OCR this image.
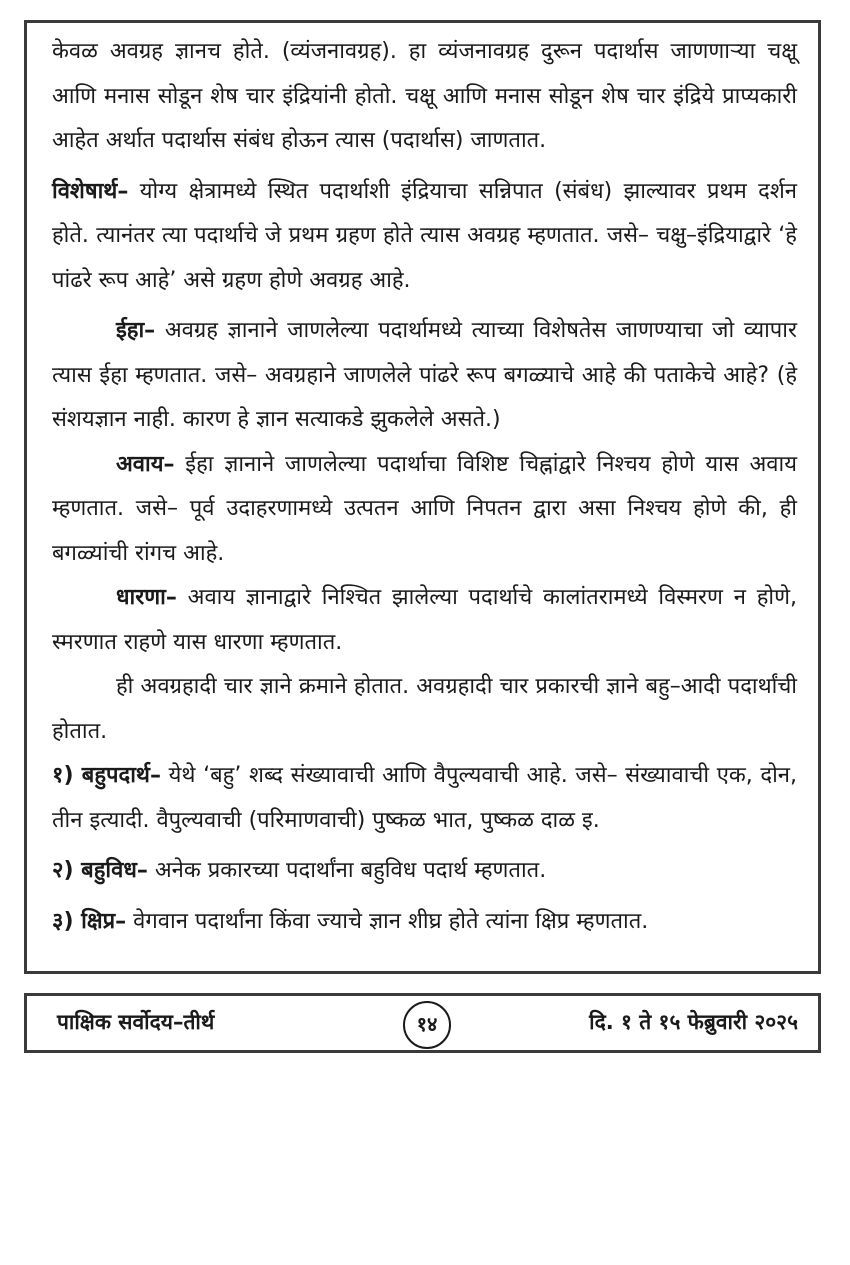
केवळ अवग्रह ज्ञानच होते. (व्यंजनावग्रह). हा व्यंजनावग्रह दुरून पदार्थास जाणणाऱ्या चक्षू आणि मनास सोडून शेष चार इंद्रियांनी होतो. चक्षू आणि मनास सोडून शेष चार इंद्रिये प्राप्यकारी आहेत अर्थात पदार्थास संबंध होऊन त्यास (पदार्थास) जाणतात.

विशेषार्थ– योग्य क्षेत्रामध्ये स्थित पदार्थाशी इंद्रियाचा सन्निपात (संबंध) झाल्यावर प्रथम दर्शन होते. त्यानंतर त्या पदार्थाचे जे प्रथम ग्रहण होते त्यास अवग्रह म्हणतात. जसे– चक्षु–इंद्रियाद्वारे ‘हे पांढरे रूप आहे’ असे ग्रहण होणे अवग्रह आहे.

ईहा– अवग्रह ज्ञानाने जाणलेल्या पदार्थामध्ये त्याच्या विशेषतेस जाणण्याचा जो व्यापार त्यास ईहा म्हणतात. जसे– अवग्रहाने जाणलेले पांढरे रूप बगळ्याचे आहे की पताकेचे आहे? (हे संशयज्ञान नाही. कारण हे ज्ञान सत्याकडे झुकलेले असते.)

अवाय– ईहा ज्ञानाने जाणलेल्या पदार्थाचा विशिष्ट चिह्नांद्वारे निश्चय होणे यास अवाय म्हणतात. जसे– पूर्व उदाहरणामध्ये उत्पतन आणि निपतन द्वारा असा निश्चय होणे की, ही बगळ्यांची रांगच आहे.

धारणा– अवाय ज्ञानाद्वारे निश्चित झालेल्या पदार्थाचे कालांतरामध्ये विस्मरण न होणे, स्मरणात राहणे यास धारणा म्हणतात.

ही अवग्रहादी चार ज्ञाने क्रमाने होतात. अवग्रहादी चार प्रकारची ज्ञाने बहु–आदी पदार्थांची होतात.

१) बहुपदार्थ– येथे ‘बहु’ शब्द संख्यावाची आणि वैपुल्यवाची आहे. जसे– संख्यावाची एक, दोन, तीन इत्यादी. वैपुल्यवाची (परिमाणवाची) पुष्कळ भात, पुष्कळ दाळ इ.

२) बहुविध– अनेक प्रकारच्या पदार्थांना बहुविध पदार्थ म्हणतात.

३) क्षिप्र– वेगवान पदार्थांना किंवा ज्याचे ज्ञान शीघ्र होते त्यांना क्षिप्र म्हणतात.

पाक्षिक सर्वोदय–तीर्थ	१४	दि. १ ते १५ फेब्रुवारी २०२५
